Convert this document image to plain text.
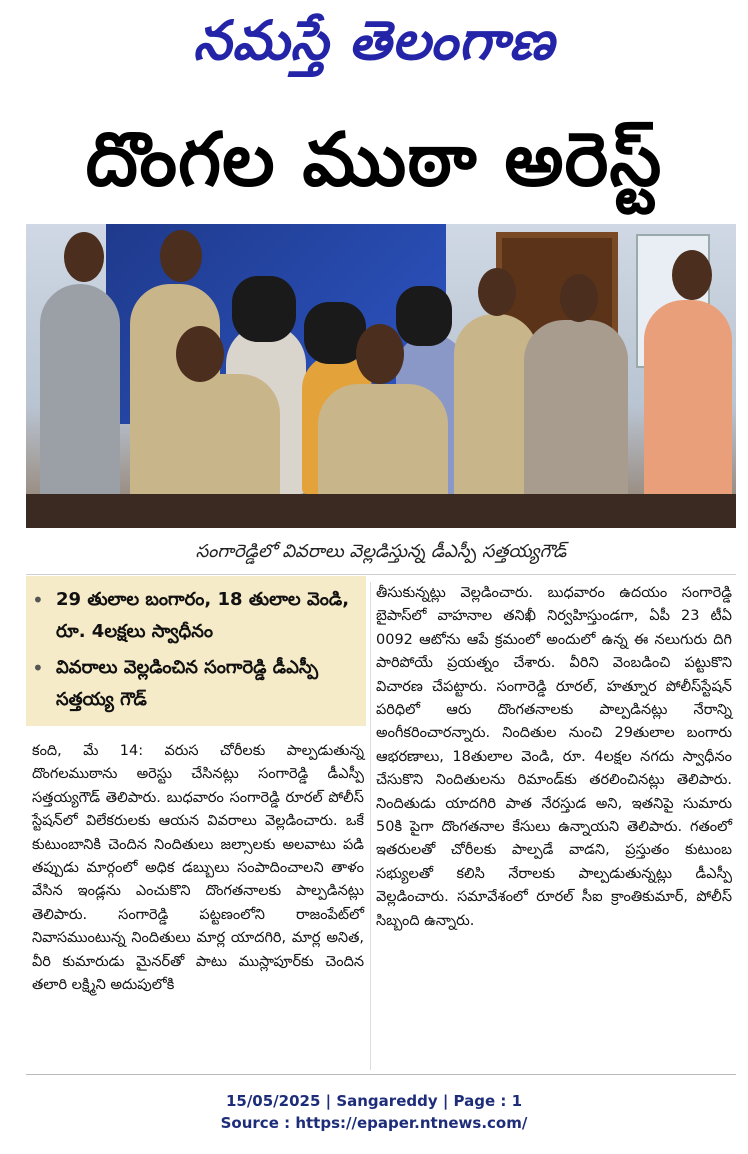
నమస్తే తెలంగాణ
దొంగల ముఠా అరెస్ట్
సంగారెడ్డిలో వివరాలు వెల్లడిస్తున్న డీఎస్పీ సత్తయ్యగౌడ్
• 29 తులాల బంగారం, 18 తులాల వెండి, రూ. 4లక్షలు స్వాధీనం
• వివరాలు వెల్లడించిన సంగారెడ్డి డీఎస్పీ సత్తయ్య గౌడ్

కంది, మే 14: వరుస చోరీలకు పాల్పడుతున్న దొంగలముఠాను అరెస్టు చేసినట్లు సంగారెడ్డి డీఎస్పీ సత్తయ్యగౌడ్ తెలిపారు. బుధవారం సంగారెడ్డి రూరల్ పోలీస్ స్టేషన్‌లో విలేకరులకు ఆయన వివరాలు వెల్లడించారు. ఒకే కుటుంబానికి చెందిన నిందితులు జల్సాలకు అలవాటు పడి తప్పుడు మార్గంలో అధిక డబ్బులు సంపాదించాలని తాళం వేసిన ఇండ్లను ఎంచుకొని దొంగతనాలకు పాల్పడినట్లు తెలిపారు. సంగారెడ్డి పట్టణంలోని రాజంపేట్‌లో నివాసముంటున్న నిందితులు మార్ల యాదగిరి, మార్ల అనిత, వీరి కుమారుడు మైనర్‌తో పాటు ముస్లాపూర్‌కు చెందిన తలారి లక్ష్మిని అదుపులోకి

తీసుకున్నట్లు వెల్లడించారు. బుధవారం ఉదయం సంగారెడ్డి బైపాస్‌లో వాహనాల తనిఖీ నిర్వహిస్తుండగా, ఏపీ 23 టీఏ 0092 ఆటోను ఆపే క్రమంలో అందులో ఉన్న ఈ నలుగురు దిగి పారిపోయే ప్రయత్నం చేశారు. వీరిని వెంబడించి పట్టుకొని విచారణ చేపట్టారు. సంగారెడ్డి రూరల్, హత్నూర పోలీస్‌స్టేషన్ పరిధిలో ఆరు దొంగతనాలకు పాల్పడినట్లు నేరాన్ని అంగీకరించారన్నారు. నిందితుల నుంచి 29తులాల బంగారు ఆభరణాలు, 18తులాల వెండి, రూ. 4లక్షల నగదు స్వాధీనం చేసుకొని నిందితులను రిమాండ్‌కు తరలించినట్లు తెలిపారు. నిందితుడు యాదగిరి పాత నేరస్తుడ అని, ఇతనిపై సుమారు 50కి పైగా దొంగతనాల కేసులు ఉన్నాయని తెలిపారు. గతంలో ఇతరులతో చోరీలకు పాల్పడే వాడని, ప్రస్తుతం కుటుంబ సభ్యులతో కలిసి నేరాలకు పాల్పడుతున్నట్లు డీఎస్పీ వెల్లడించారు. సమావేశంలో రూరల్ సీఐ క్రాంతికుమార్, పోలీస్ సిబ్బంది ఉన్నారు.

15/05/2025 | Sangareddy | Page : 1
Source : https://epaper.ntnews.com/
